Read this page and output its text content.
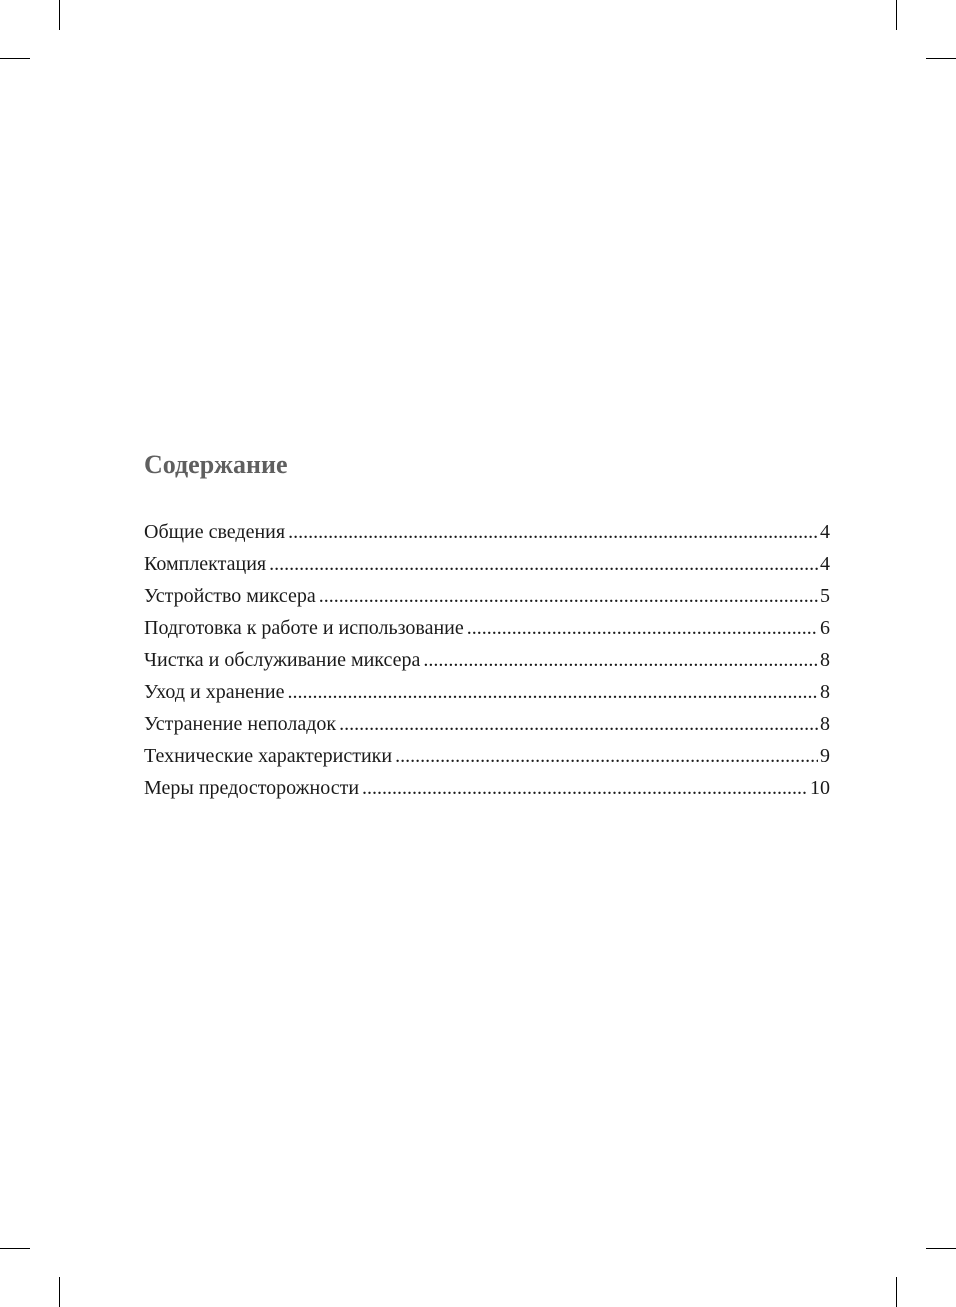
Содержание
Общие сведения .....	4
Комплектация .....	4
Устройство миксера .....	5
Подготовка к работе и использование .....	6
Чистка и обслуживание миксера .....	8
Уход и хранение .....	8
Устранение неполадок .....	8
Технические характеристики .....	9
Меры предосторожности .....	10
